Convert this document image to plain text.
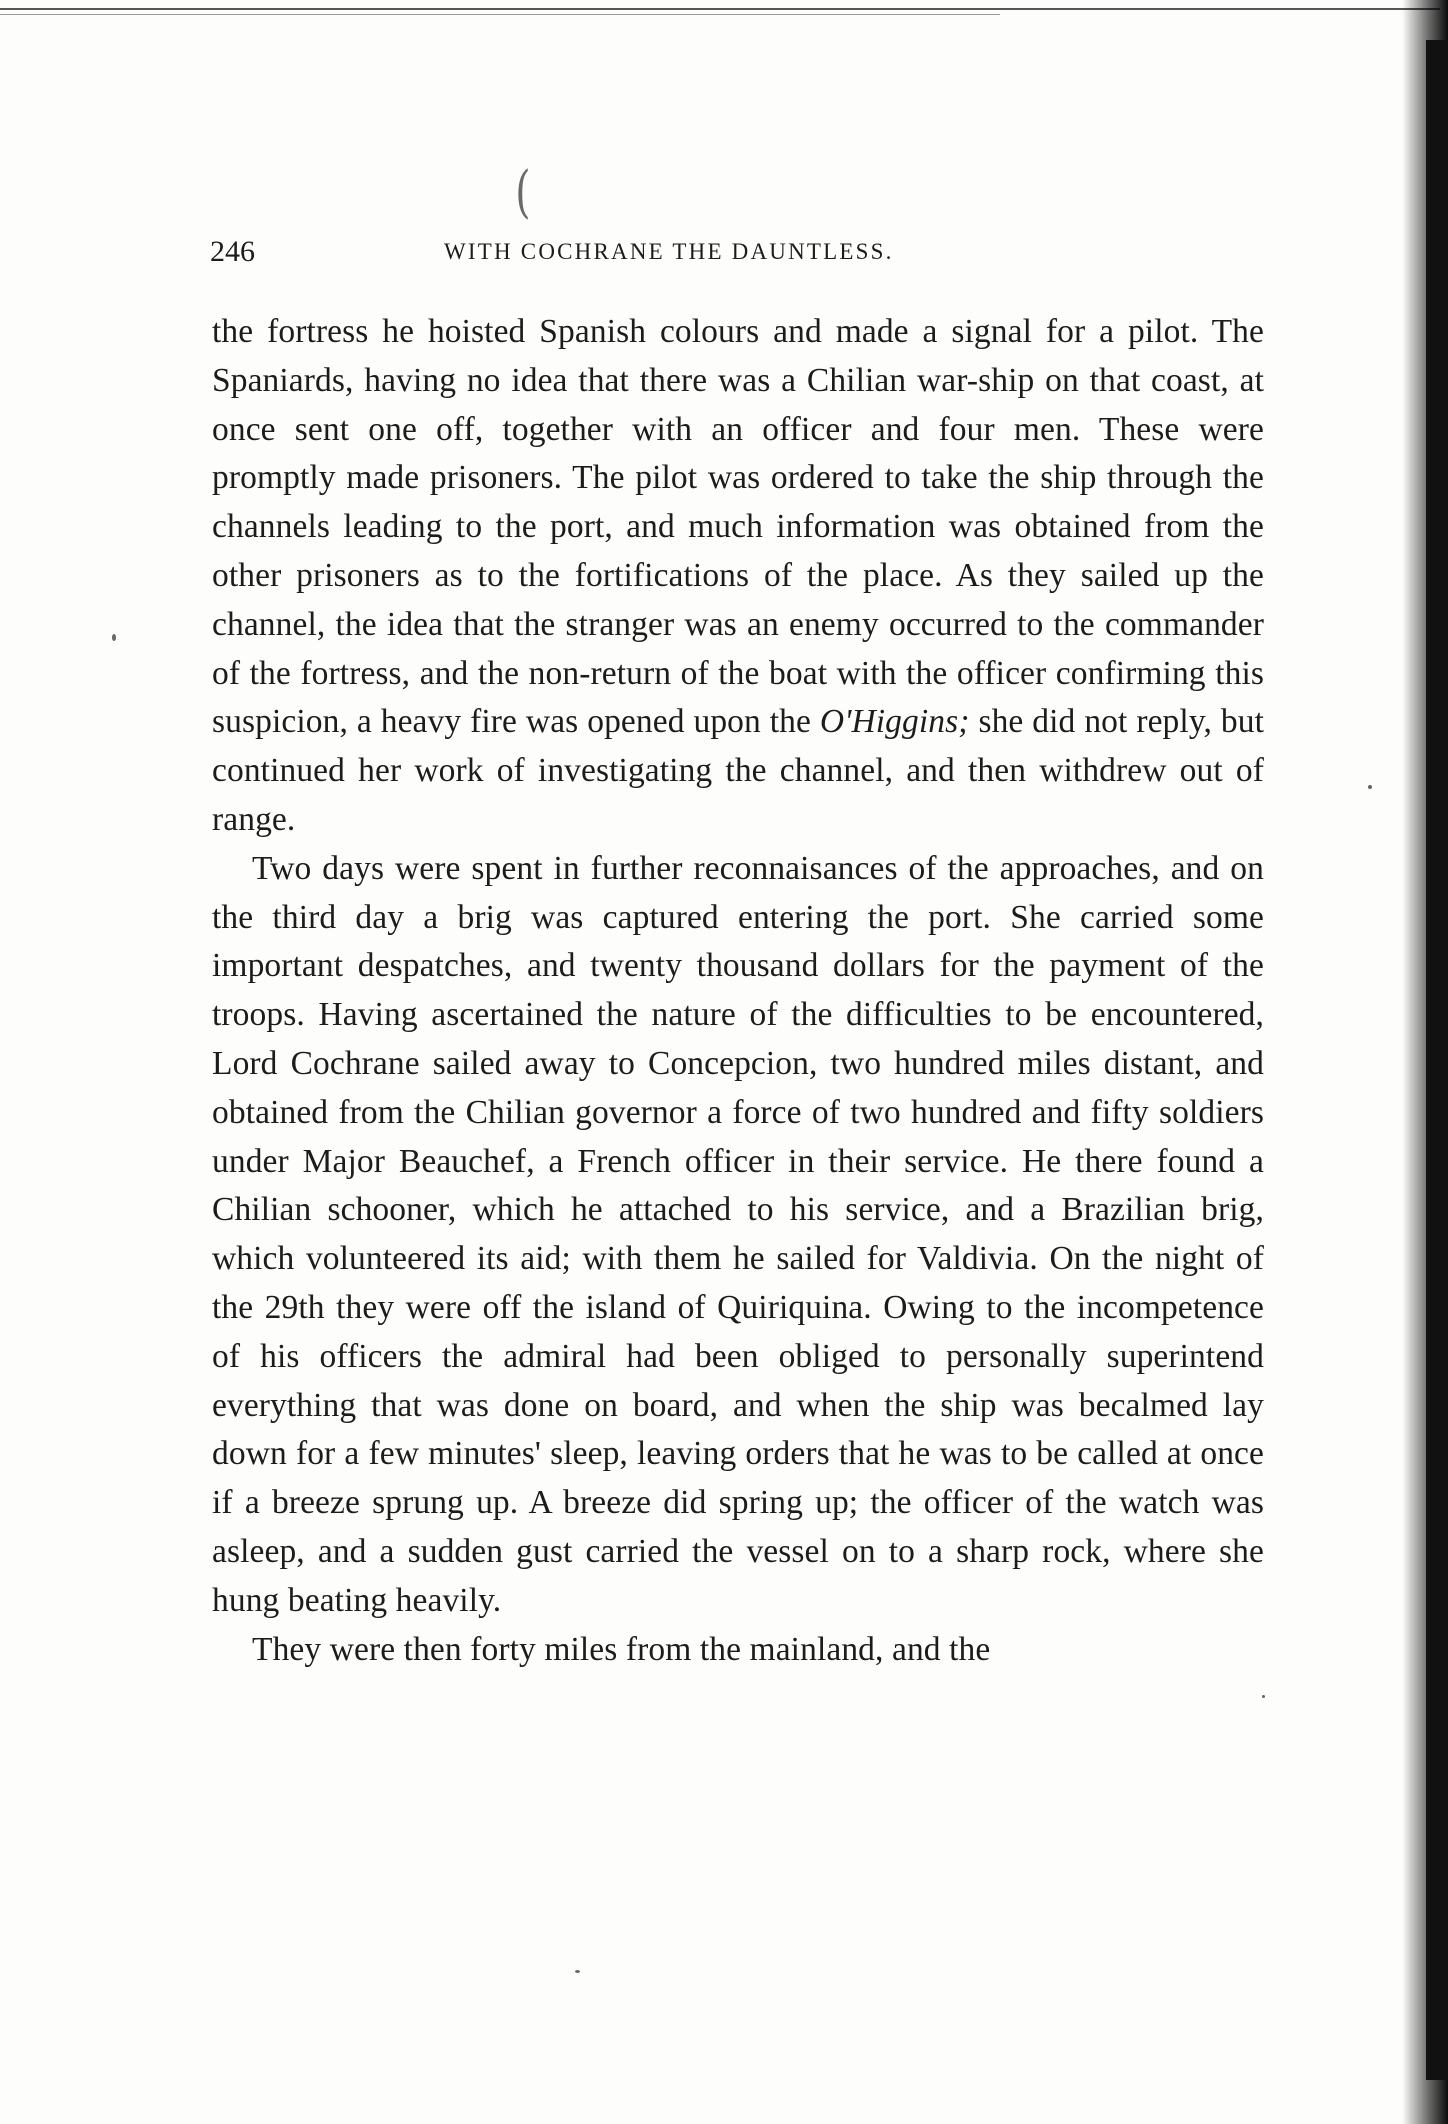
(
246	WITH COCHRANE THE DAUNTLESS.

the fortress he hoisted Spanish colours and made a signal for a pilot. The Spaniards, having no idea that there was a Chilian war-ship on that coast, at once sent one off, together with an officer and four men. These were promptly made prisoners. The pilot was ordered to take the ship through the channels leading to the port, and much information was obtained from the other prisoners as to the fortifications of the place. As they sailed up the channel, the idea that the stranger was an enemy occurred to the commander of the fortress, and the non-return of the boat with the officer confirming this suspicion, a heavy fire was opened upon the O'Higgins; she did not reply, but continued her work of investigating the channel, and then withdrew out of range.

Two days were spent in further reconnaisances of the approaches, and on the third day a brig was captured entering the port. She carried some important despatches, and twenty thousand dollars for the payment of the troops. Having ascertained the nature of the difficulties to be encountered, Lord Cochrane sailed away to Concepcion, two hundred miles distant, and obtained from the Chilian governor a force of two hundred and fifty soldiers under Major Beauchef, a French officer in their service. He there found a Chilian schooner, which he attached to his service, and a Brazilian brig, which volunteered its aid; with them he sailed for Valdivia. On the night of the 29th they were off the island of Quiriquina. Owing to the incompetence of his officers the admiral had been obliged to personally superintend everything that was done on board, and when the ship was becalmed lay down for a few minutes' sleep, leaving orders that he was to be called at once if a breeze sprung up. A breeze did spring up; the officer of the watch was asleep, and a sudden gust carried the vessel on to a sharp rock, where she hung beating heavily.

They were then forty miles from the mainland, and the
